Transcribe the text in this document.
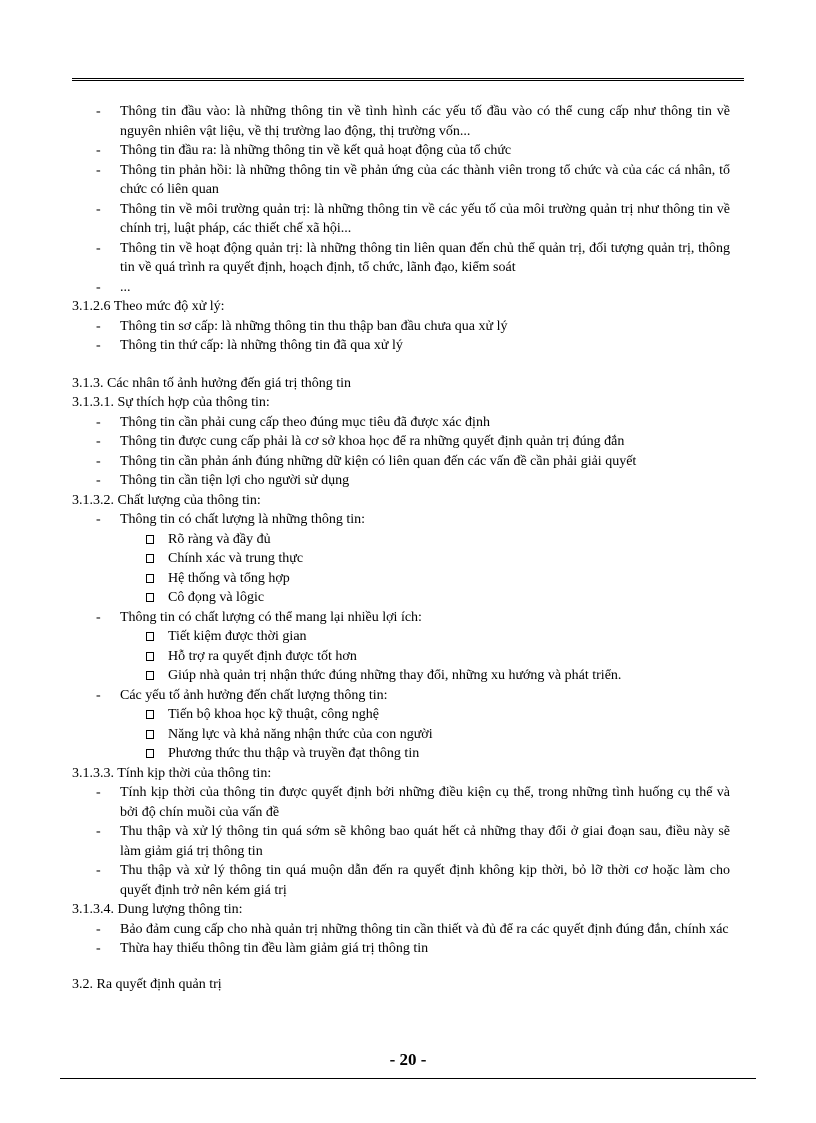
- Thông tin đầu vào: là những thông tin về tình hình các yếu tố đầu vào có thể cung cấp như thông tin về nguyên nhiên vật liệu, về thị trường lao động, thị trường vốn...
- Thông tin đầu ra: là những thông tin về kết quả hoạt động của tổ chức
- Thông tin phản hồi: là những thông tin về phản ứng của các thành viên trong tổ chức và của các cá nhân, tổ chức có liên quan
- Thông tin về môi trường quản trị: là những thông tin về các yếu tố của môi trường quản trị như thông tin về chính trị, luật pháp, các thiết chế xã hội...
- Thông tin về hoạt động quản trị: là những thông tin liên quan đến chủ thể quản trị, đối tượng quản trị, thông tin về quá trình ra quyết định, hoạch định, tổ chức, lãnh đạo, kiểm soát
- ...
3.1.2.6 Theo mức độ xử lý:
- Thông tin sơ cấp: là những thông tin thu thập ban đầu chưa qua xử lý
- Thông tin thứ cấp: là những thông tin đã qua xử lý
3.1.3. Các nhân tố ảnh hưởng đến giá trị thông tin
3.1.3.1. Sự thích hợp của thông tin:
- Thông tin cần phải cung cấp theo đúng mục tiêu đã được xác định
- Thông tin được cung cấp phải là cơ sở khoa học để ra những quyết định quản trị đúng đắn
- Thông tin cần phản ánh đúng những dữ kiện có liên quan đến các vấn đề cần phải giải quyết
- Thông tin cần tiện lợi cho người sử dụng
3.1.3.2. Chất lượng của thông tin:
- Thông tin có chất lượng là những thông tin:
Rõ ràng và đầy đủ
Chính xác và trung thực
Hệ thống và tổng hợp
Cô đọng và lôgic
- Thông tin có chất lượng có thể mang lại nhiều lợi ích:
Tiết kiệm được thời gian
Hỗ trợ ra quyết định được tốt hơn
Giúp nhà quản trị nhận thức đúng những thay đổi, những xu hướng và phát triển.
- Các yếu tố ảnh hưởng đến chất lượng thông tin:
Tiến bộ khoa học kỹ thuật, công nghệ
Năng lực và khả năng nhận thức của con người
Phương thức thu thập và truyền đạt thông tin
3.1.3.3. Tính kịp thời của thông tin:
- Tính kịp thời của thông tin được quyết định bởi những điều kiện cụ thể, trong những tình huống cụ thể và bởi độ chín muồi của vấn đề
- Thu thập và xử lý thông tin quá sớm sẽ không bao quát hết cả những thay đổi ở giai đoạn sau, điều này sẽ làm giảm giá trị thông tin
- Thu thập và xử lý thông tin quá muộn dẫn đến ra quyết định không kịp thời, bỏ lỡ thời cơ hoặc làm cho quyết định trở nên kém giá trị
3.1.3.4. Dung lượng thông tin:
- Bảo đảm cung cấp cho nhà quản trị những thông tin cần thiết và đủ để ra các quyết định đúng đắn, chính xác
- Thừa hay thiếu thông tin đều làm giảm giá trị thông tin
3.2. Ra quyết định quản trị
- 20 -
